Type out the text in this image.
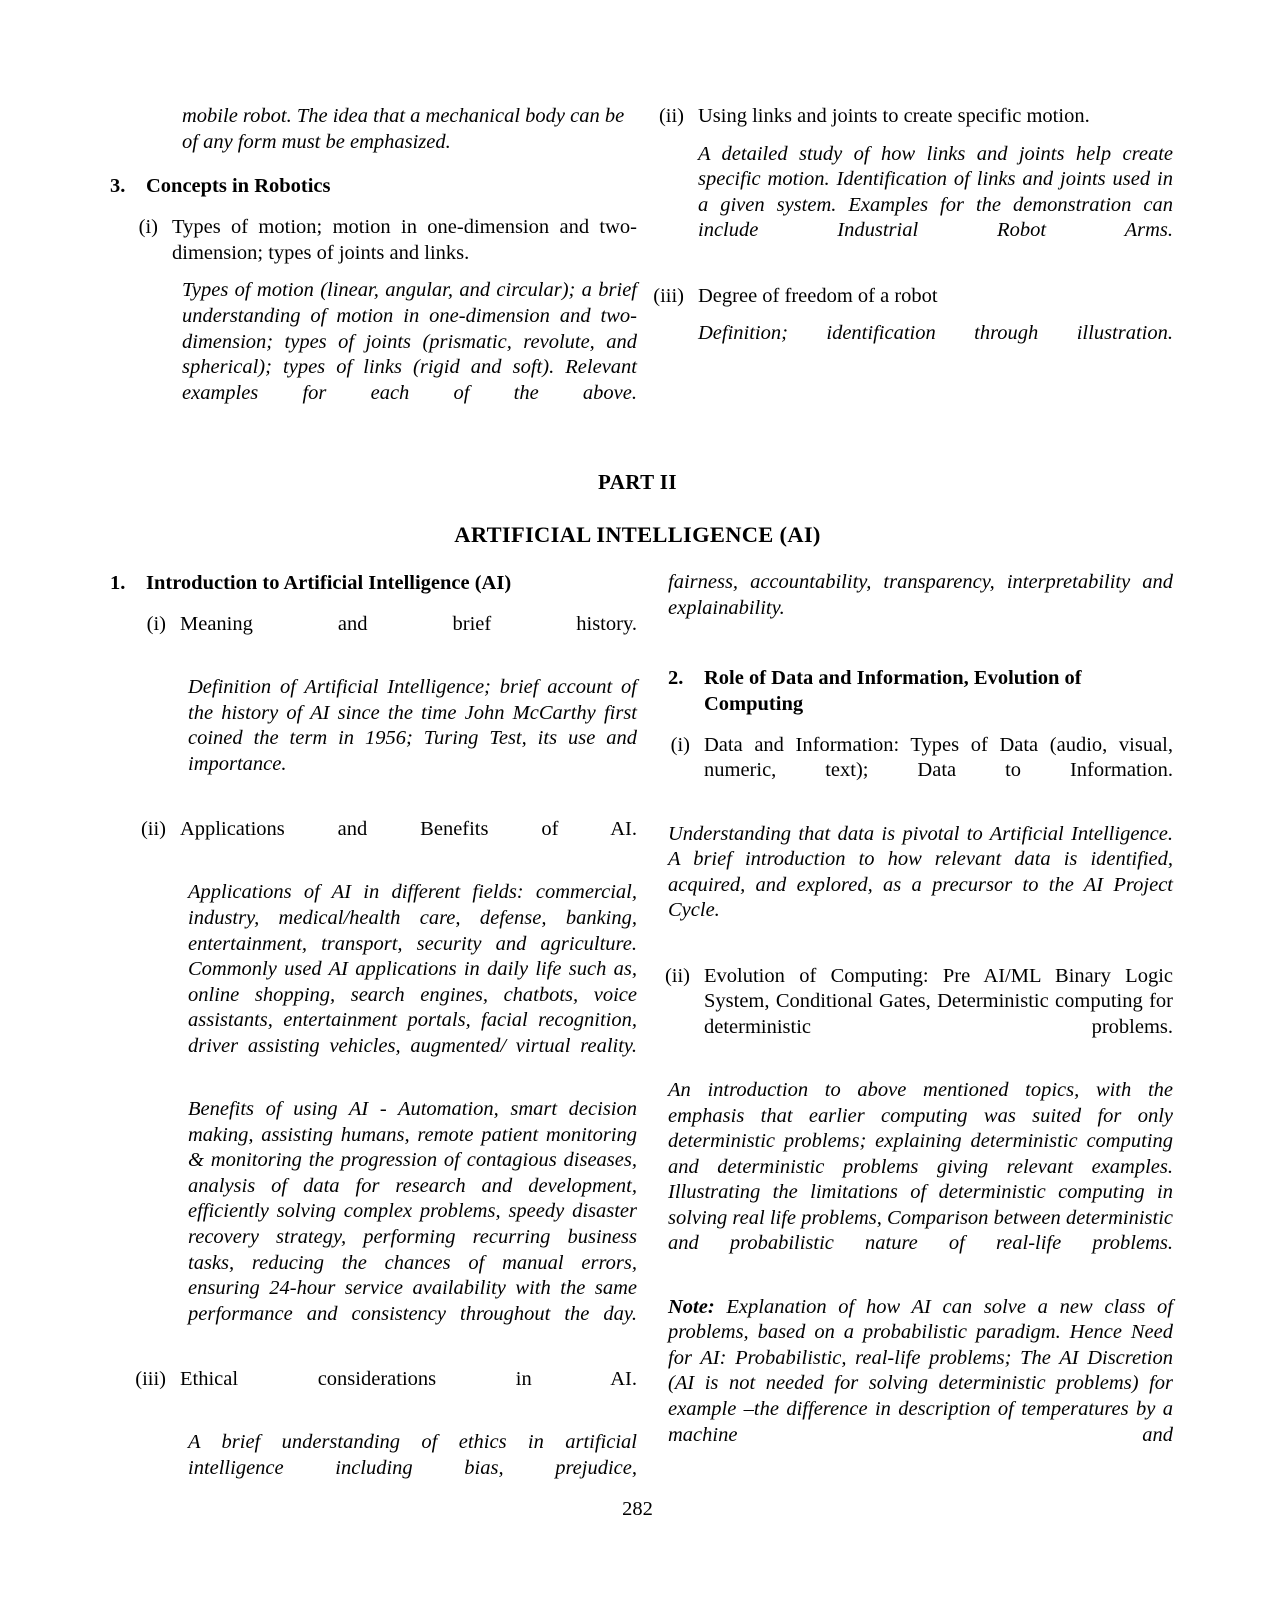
mobile robot. The idea that a mechanical body can be of any form must be emphasized.

3.	Concepts in Robotics
(i) Types of motion; motion in one-dimension and two-dimension; types of joints and links.

Types of motion (linear, angular, and circular); a brief understanding of motion in one-dimension and two-dimension; types of joints (prismatic, revolute, and spherical); types of links (rigid and soft). Relevant examples for each of the above.

(ii) Using links and joints to create specific motion.

A detailed study of how links and joints help create specific motion. Identification of links and joints used in a given system. Examples for the demonstration can include Industrial Robot Arms.

(iii) Degree of freedom of a robot

Definition; identification through illustration.

PART II
ARTIFICIAL INTELLIGENCE (AI)
1.	Introduction to Artificial Intelligence (AI)
(i) Meaning and brief history.

Definition of Artificial Intelligence; brief account of the history of AI since the time John McCarthy first coined the term in 1956; Turing Test, its use and importance.

(ii) Applications and Benefits of AI.

Applications of AI in different fields: commercial, industry, medical/health care, defense, banking, entertainment, transport, security and agriculture. Commonly used AI applications in daily life such as, online shopping, search engines, chatbots, voice assistants, entertainment portals, facial recognition, driver assisting vehicles, augmented/ virtual reality.

Benefits of using AI - Automation, smart decision making, assisting humans, remote patient monitoring & monitoring the progression of contagious diseases, analysis of data for research and development, efficiently solving complex problems, speedy disaster recovery strategy, performing recurring business tasks, reducing the chances of manual errors, ensuring 24-hour service availability with the same performance and consistency throughout the day.

(iii) Ethical considerations in AI.

A brief understanding of ethics in artificial intelligence including bias, prejudice,

fairness, accountability, transparency, interpretability and explainability.

2.	Role of Data and Information, Evolution of Computing
(i) Data and Information: Types of Data (audio, visual, numeric, text); Data to Information.

Understanding that data is pivotal to Artificial Intelligence. A brief introduction to how relevant data is identified, acquired, and explored, as a precursor to the AI Project Cycle.

(ii) Evolution of Computing: Pre AI/ML Binary Logic System, Conditional Gates, Deterministic computing for deterministic problems.

An introduction to above mentioned topics, with the emphasis that earlier computing was suited for only deterministic problems; explaining deterministic computing and deterministic problems giving relevant examples. Illustrating the limitations of deterministic computing in solving real life problems, Comparison between deterministic and probabilistic nature of real-life problems.

Note: Explanation of how AI can solve a new class of problems, based on a probabilistic paradigm. Hence Need for AI: Probabilistic, real-life problems; The AI Discretion (AI is not needed for solving deterministic problems) for example –the difference in description of temperatures by a machine and

282
